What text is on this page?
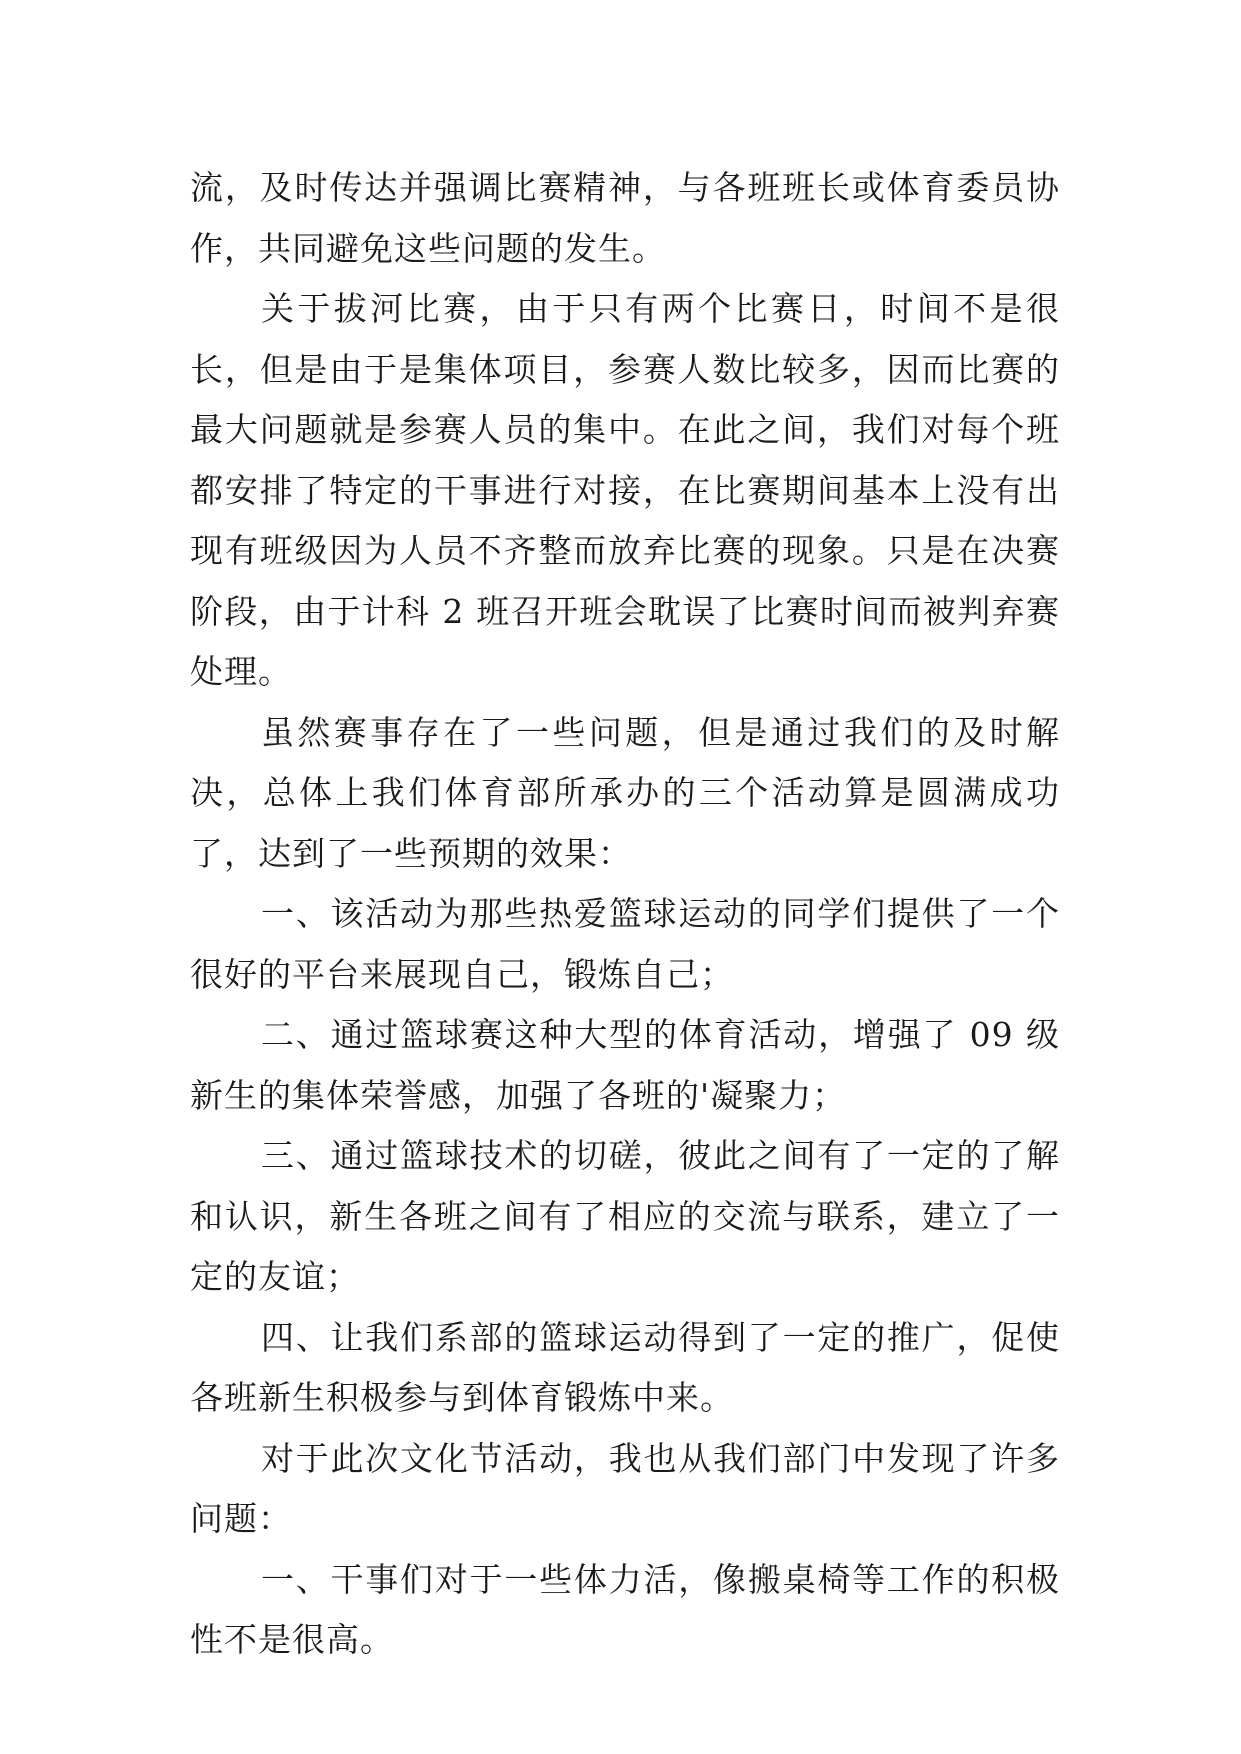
流，及时传达并强调比赛精神，与各班班长或体育委员协作，共同避免这些问题的发生。

关于拔河比赛，由于只有两个比赛日，时间不是很长，但是由于是集体项目，参赛人数比较多，因而比赛的最大问题就是参赛人员的集中。在此之间，我们对每个班都安排了特定的干事进行对接，在比赛期间基本上没有出现有班级因为人员不齐整而放弃比赛的现象。只是在决赛阶段，由于计科 2 班召开班会耽误了比赛时间而被判弃赛处理。

虽然赛事存在了一些问题，但是通过我们的及时解决，总体上我们体育部所承办的三个活动算是圆满成功了，达到了一些预期的效果：

一、该活动为那些热爱篮球运动的同学们提供了一个很好的平台来展现自己，锻炼自己；

二、通过篮球赛这种大型的体育活动，增强了 09 级新生的集体荣誉感，加强了各班的'凝聚力；

三、通过篮球技术的切磋，彼此之间有了一定的了解和认识，新生各班之间有了相应的交流与联系，建立了一定的友谊；

四、让我们系部的篮球运动得到了一定的推广，促使各班新生积极参与到体育锻炼中来。

对于此次文化节活动，我也从我们部门中发现了许多问题：

一、干事们对于一些体力活，像搬桌椅等工作的积极性不是很高。
